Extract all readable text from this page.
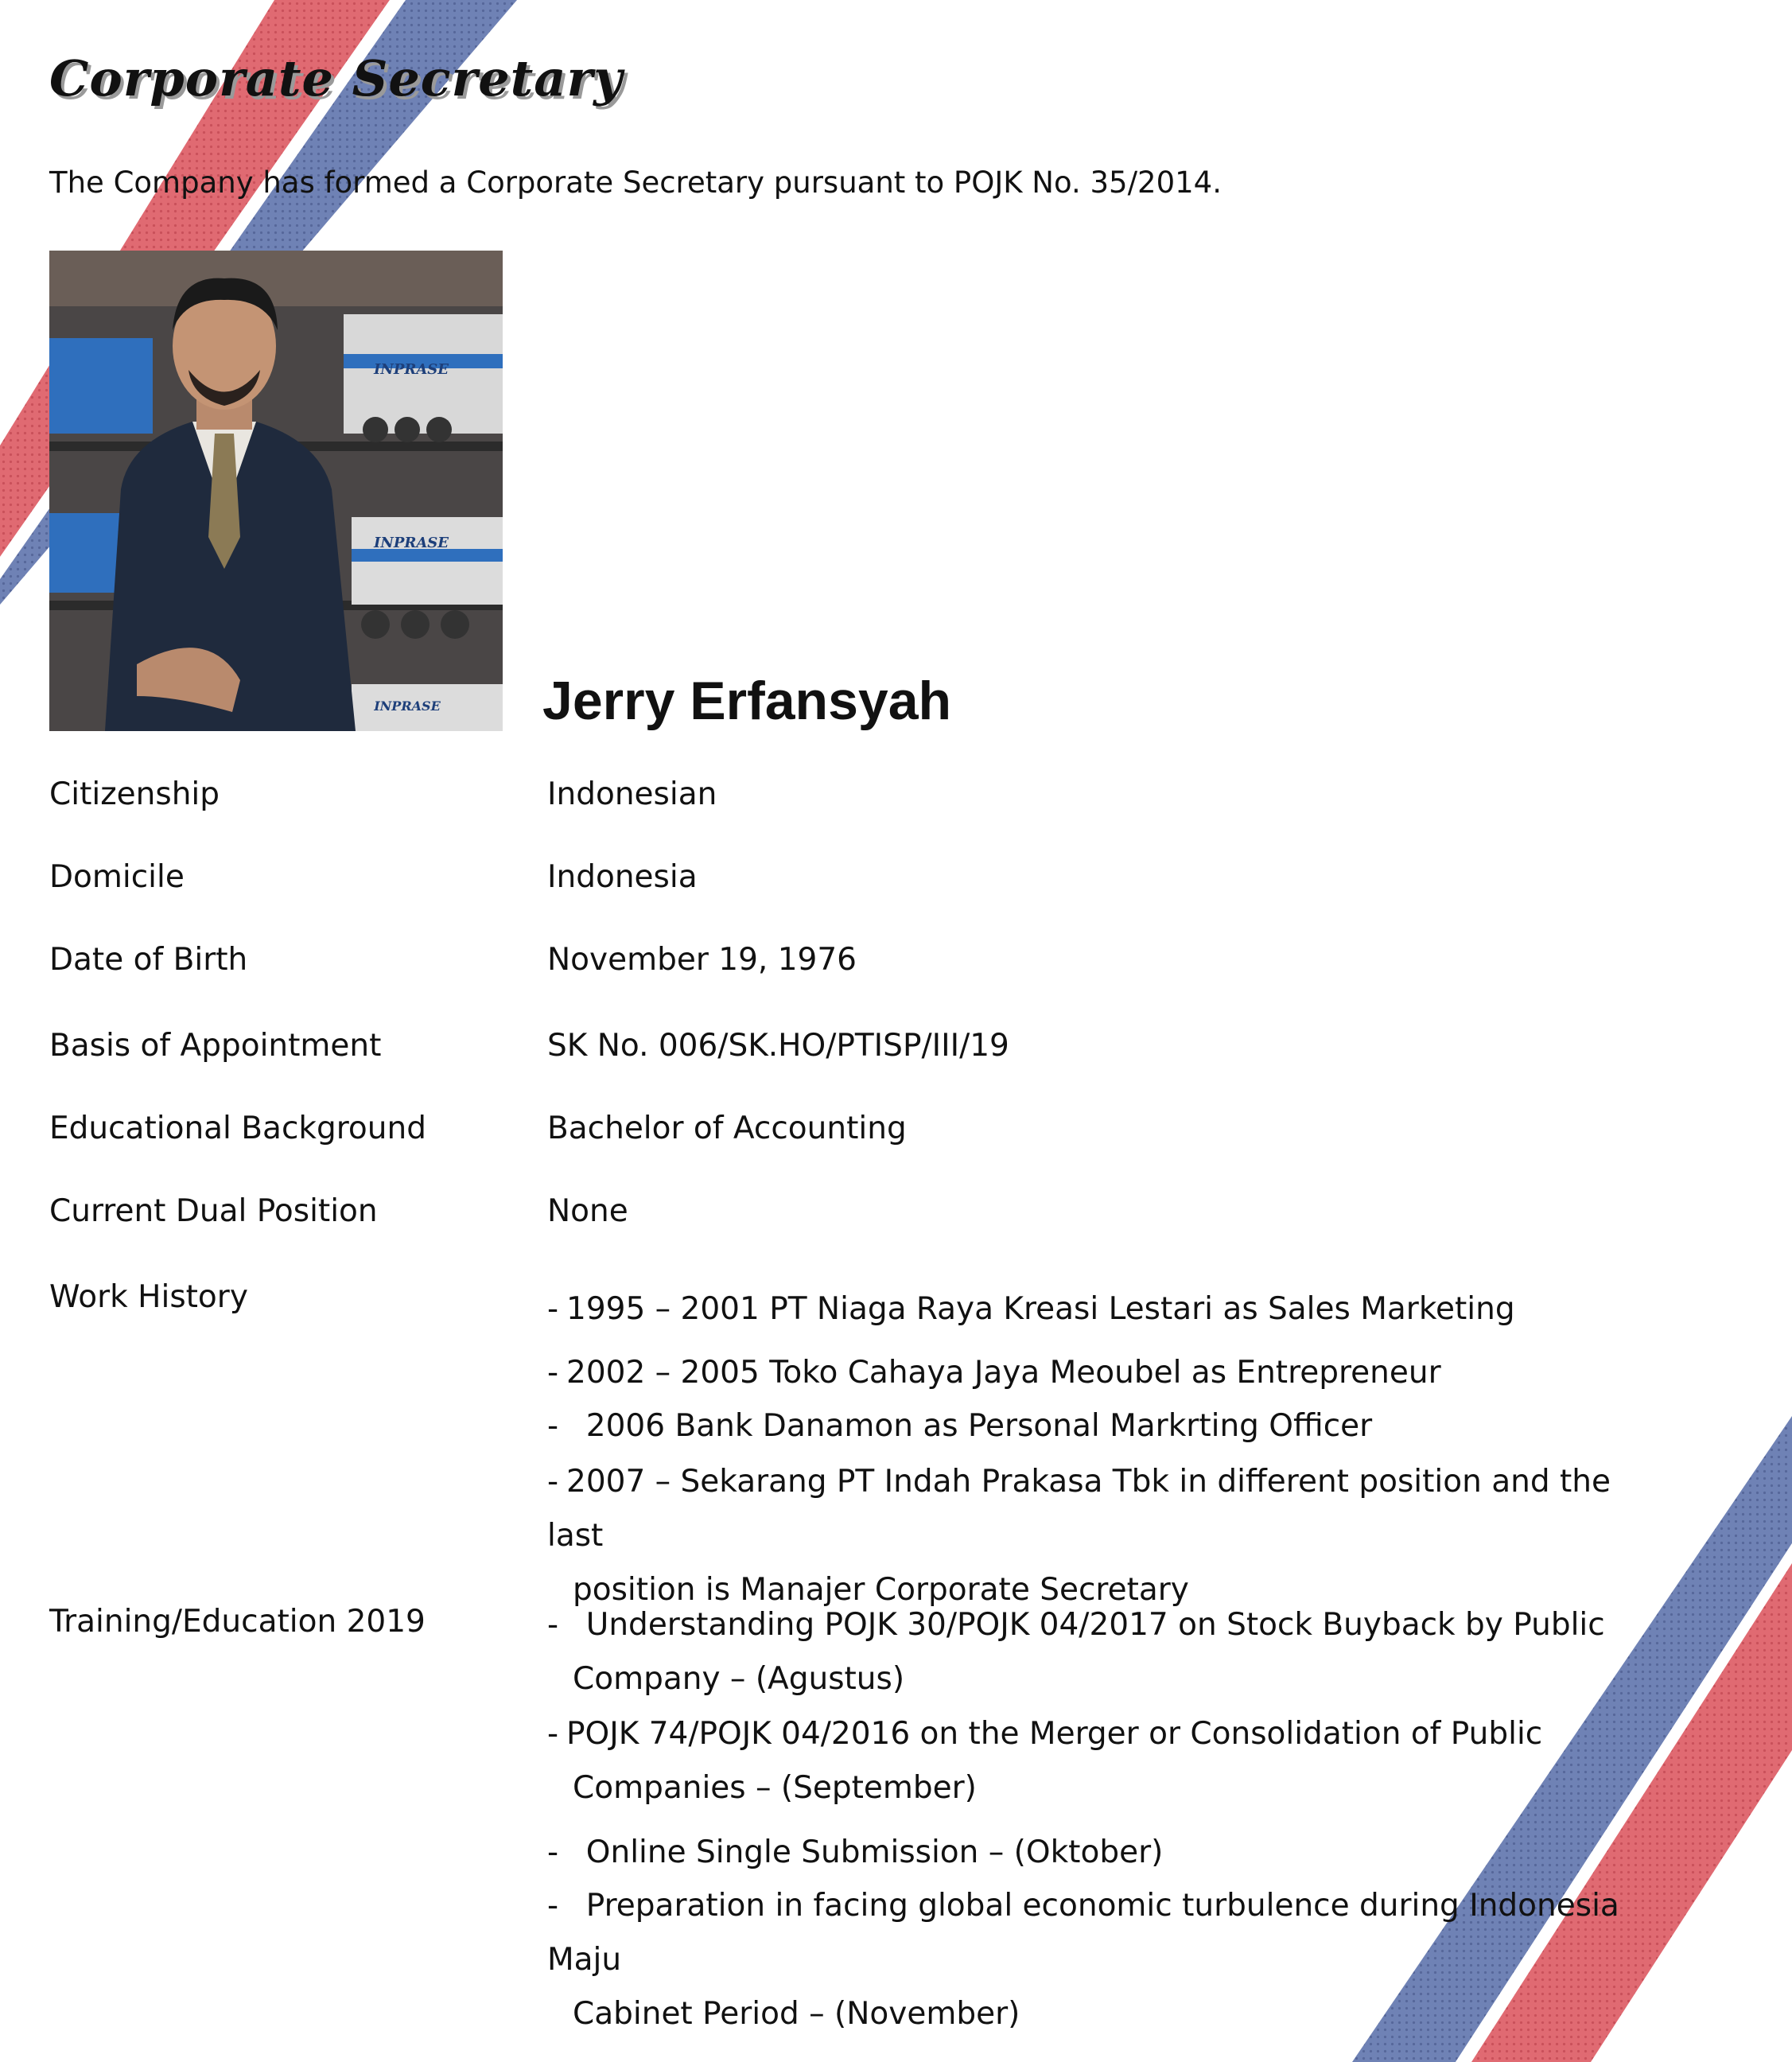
Corporate Secretary

The Company has formed a Corporate Secretary pursuant to POJK No. 35/2014.

INPRASE
INPRASE
INPRASE Jerry Erfansyah

Citizenship	Indonesian

Domicile	Indonesia

Date of Birth	November 19, 1976

Basis of Appointment	SK No. 006/SK.HO/PTISP/III/19

Educational Background	Bachelor of Accounting

Current Dual Position	None

Work History	- 1995 – 2001 PT Niaga Raya Kreasi Lestari as Sales Marketing

- 2002 – 2005 Toko Cahaya Jaya Meoubel as Entrepreneur

- 2006 Bank Danamon as Personal Markrting Officer

- 2007 – Sekarang PT Indah Prakasa Tbk in different position and the last
position is Manajer Corporate Secretary

Training/Education 2019	- Understanding POJK 30/POJK 04/2017 on Stock Buyback by Public
Company – (Agustus)

- POJK 74/POJK 04/2016 on the Merger or Consolidation of Public
Companies – (September)

- Online Single Submission – (Oktober)

- Preparation in facing global economic turbulence during Indonesia Maju
Cabinet Period – (November)
